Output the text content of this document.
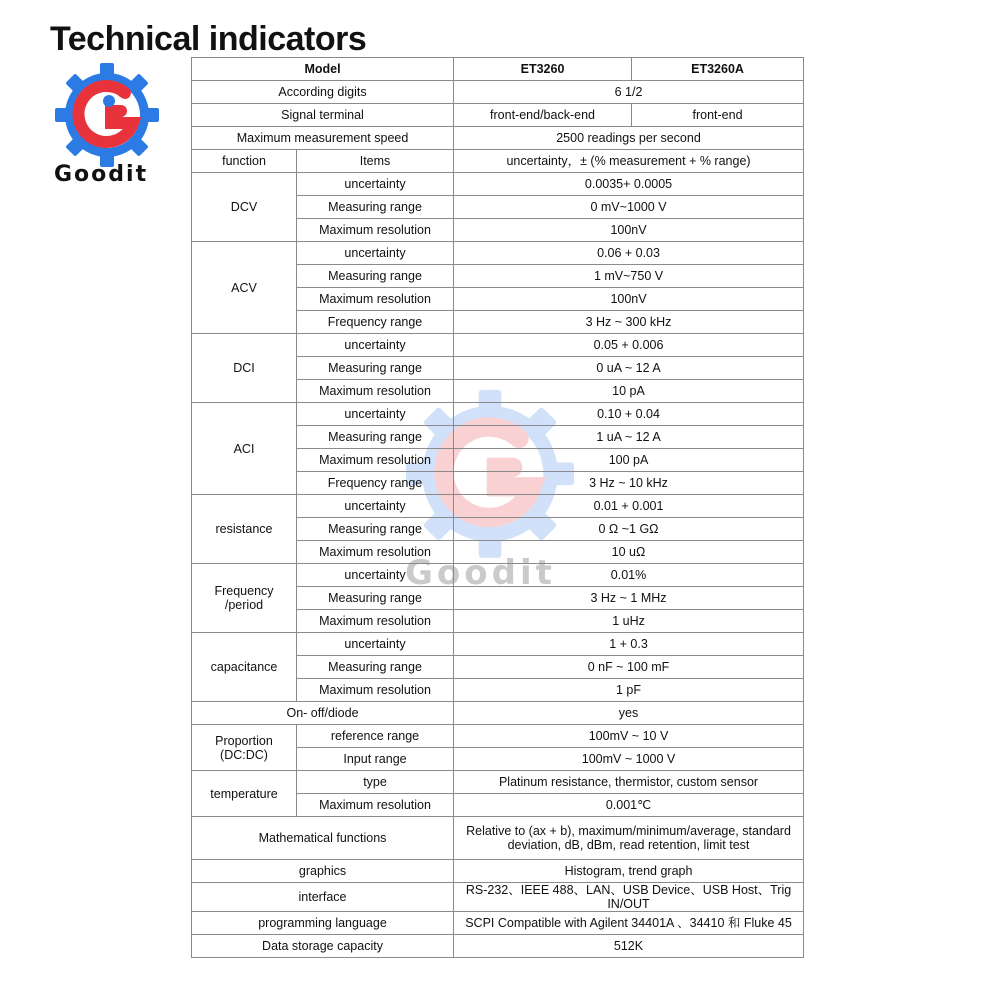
Technical indicators
Goodit
Goodit
Model		ET3260	ET3260A
According digits		6 1/2	
Signal terminal		front-end/back-end	front-end
Maximum measurement speed		2500 readings per second	
function	Items	uncertainty，± (% measurement + % range)	
DCV	uncertainty	0.0035+ 0.0005	
	Measuring range	0 mV~1000 V	
	Maximum resolution	100nV	
ACV	uncertainty	0.06 + 0.03	
	Measuring range	1 mV~750 V	
	Maximum resolution	100nV	
	Frequency range	3 Hz ~ 300 kHz	
DCI	uncertainty	0.05 + 0.006	
	Measuring range	0 uA ~ 12 A	
	Maximum resolution	10 pA	
ACI	uncertainty	0.10 + 0.04	
	Measuring range	1 uA ~ 12 A	
	Maximum resolution	100 pA	
	Frequency range	3 Hz ~ 10 kHz	
resistance	uncertainty	0.01 + 0.001	
	Measuring range	0 Ω ~1 GΩ	
	Maximum resolution	10 uΩ	
Frequency /period	uncertainty	0.01%	
	Measuring range	3 Hz ~ 1 MHz	
	Maximum resolution	1 uHz	
capacitance	uncertainty	1 + 0.3	
	Measuring range	0 nF ~ 100 mF	
	Maximum resolution	1 pF	
On- off/diode		yes	
Proportion (DC:DC)	reference range	100mV ~ 10 V	
	Input range	100mV ~ 1000 V	
temperature	type	Platinum resistance, thermistor, custom sensor	
	Maximum resolution	0.001℃	
Mathematical functions		Relative to (ax + b), maximum/minimum/average, standard deviation, dB, dBm, read retention, limit test	
graphics		Histogram, trend graph	
interface		RS-232、IEEE 488、LAN、USB Device、USB Host、Trig IN/OUT	
programming language		SCPI Compatible with Agilent 34401A 、34410 和 Fluke 45	
Data storage capacity		512K	
